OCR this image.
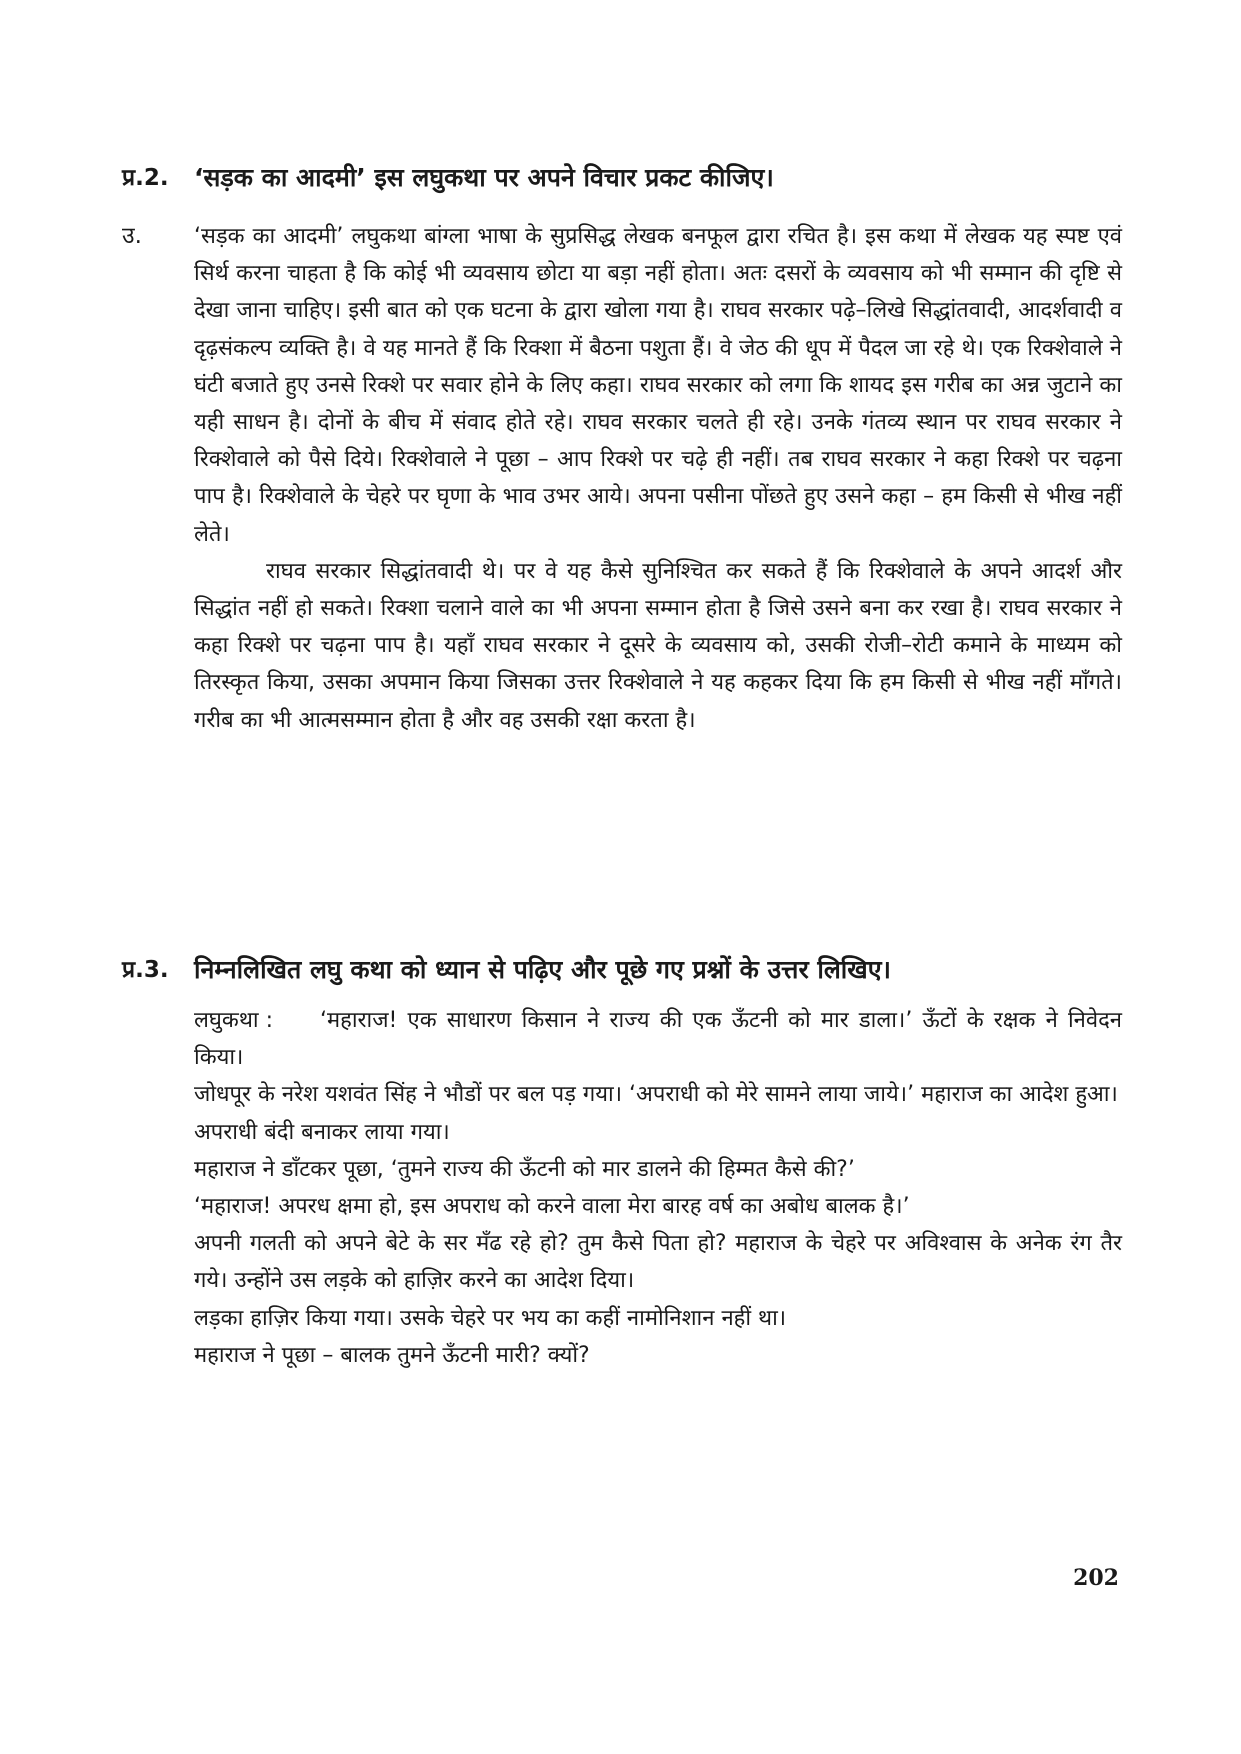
प्र.2.	‘सड़क का आदमी’ इस लघुकथा पर अपने विचार प्रकट कीजिए।
उ.	‘सड़क का आदमी’ लघुकथा बांग्ला भाषा के सुप्रसिद्ध लेखक बनफूल द्वारा रचित है। इस कथा में लेखक यह स्पष्ट एवं सिर्थ करना चाहता है कि कोई भी व्यवसाय छोटा या बड़ा नहीं होता। अतः दसरों के व्यवसाय को भी सम्मान की दृष्टि से देखा जाना चाहिए। इसी बात को एक घटना के द्वारा खोला गया है। राघव सरकार पढ़े–लिखे सिद्धांतवादी, आदर्शवादी व दृढ़संकल्प व्यक्ति है। वे यह मानते हैं कि रिक्शा में बैठना पशुता हैं। वे जेठ की धूप में पैदल जा रहे थे। एक रिक्शेवाले ने घंटी बजाते हुए उनसे रिक्शे पर सवार होने के लिए कहा। राघव सरकार को लगा कि शायद इस गरीब का अन्न जुटाने का यही साधन है। दोनों के बीच में संवाद होते रहे। राघव सरकार चलते ही रहे। उनके गंतव्य स्थान पर राघव सरकार ने रिक्शेवाले को पैसे दिये। रिक्शेवाले ने पूछा – आप रिक्शे पर चढ़े ही नहीं। तब राघव सरकार ने कहा रिक्शे पर चढ़ना पाप है। रिक्शेवाले के चेहरे पर घृणा के भाव उभर आये। अपना पसीना पोंछते हुए उसने कहा – हम किसी से भीख नहीं लेते।

राघव सरकार सिद्धांतवादी थे। पर वे यह कैसे सुनिश्चित कर सकते हैं कि रिक्शेवाले के अपने आदर्श और सिद्धांत नहीं हो सकते। रिक्शा चलाने वाले का भी अपना सम्मान होता है जिसे उसने बना कर रखा है। राघव सरकार ने कहा रिक्शे पर चढ़ना पाप है। यहाँ राघव सरकार ने दूसरे के व्यवसाय को, उसकी रोजी–रोटी कमाने के माध्यम को तिरस्कृत किया, उसका अपमान किया जिसका उत्तर रिक्शेवाले ने यह कहकर दिया कि हम किसी से भीख नहीं माँगते। गरीब का भी आत्मसम्मान होता है और वह उसकी रक्षा करता है।

प्र.3.	निम्नलिखित लघु कथा को ध्यान से पढ़िए और पूछे गए प्रश्नों के उत्तर लिखिए।

लघुकथा : ‘महाराज! एक साधारण किसान ने राज्य की एक ऊँटनी को मार डाला।’ ऊँटों के रक्षक ने निवेदन किया।

जोधपूर के नरेश यशवंत सिंह ने भौडों पर बल पड़ गया। ‘अपराधी को मेरे सामने लाया जाये।’ महाराज का आदेश हुआ।

अपराधी बंदी बनाकर लाया गया।

महाराज ने डाँटकर पूछा, ‘तुमने राज्य की ऊँटनी को मार डालने की हिम्मत कैसे की?’

‘महाराज! अपरध क्षमा हो, इस अपराध को करने वाला मेरा बारह वर्ष का अबोध बालक है।’

अपनी गलती को अपने बेटे के सर मँढ रहे हो? तुम कैसे पिता हो? महाराज के चेहरे पर अविश्वास के अनेक रंग तैर गये। उन्होंने उस लड़के को हाज़िर करने का आदेश दिया।

लड़का हाज़िर किया गया। उसके चेहरे पर भय का कहीं नामोनिशान नहीं था।

महाराज ने पूछा – बालक तुमने ऊँटनी मारी? क्यों?

202
